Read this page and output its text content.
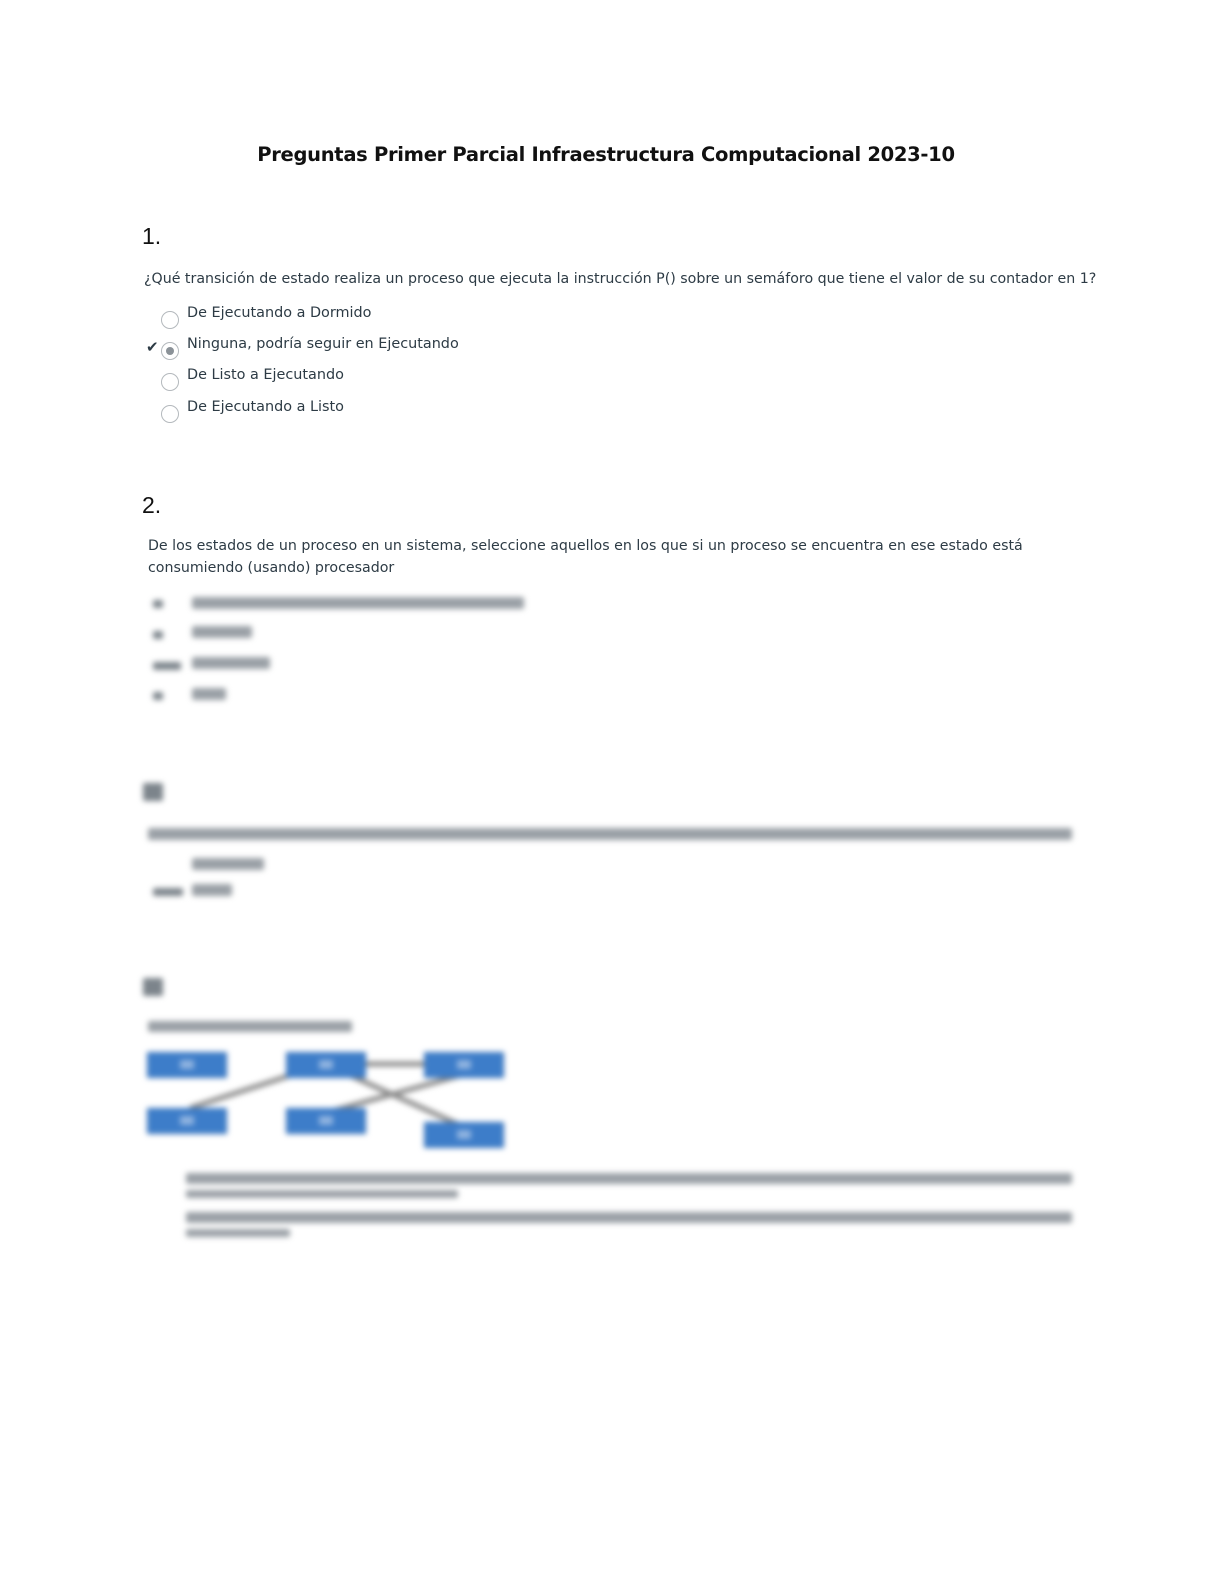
Preguntas Primer Parcial Infraestructura Computacional 2023-10
1.
¿Qué transición de estado realiza un proceso que ejecuta la instrucción P() sobre un semáforo que tiene el valor de su contador en 1?
De Ejecutando a Dormido
✔ Ninguna, podría seguir en Ejecutando
De Listo a Ejecutando
De Ejecutando a Listo
2.
De los estados de un proceso en un sistema, seleccione aquellos en los que si un proceso se encuentra en ese estado está consumiendo (usando) procesador
